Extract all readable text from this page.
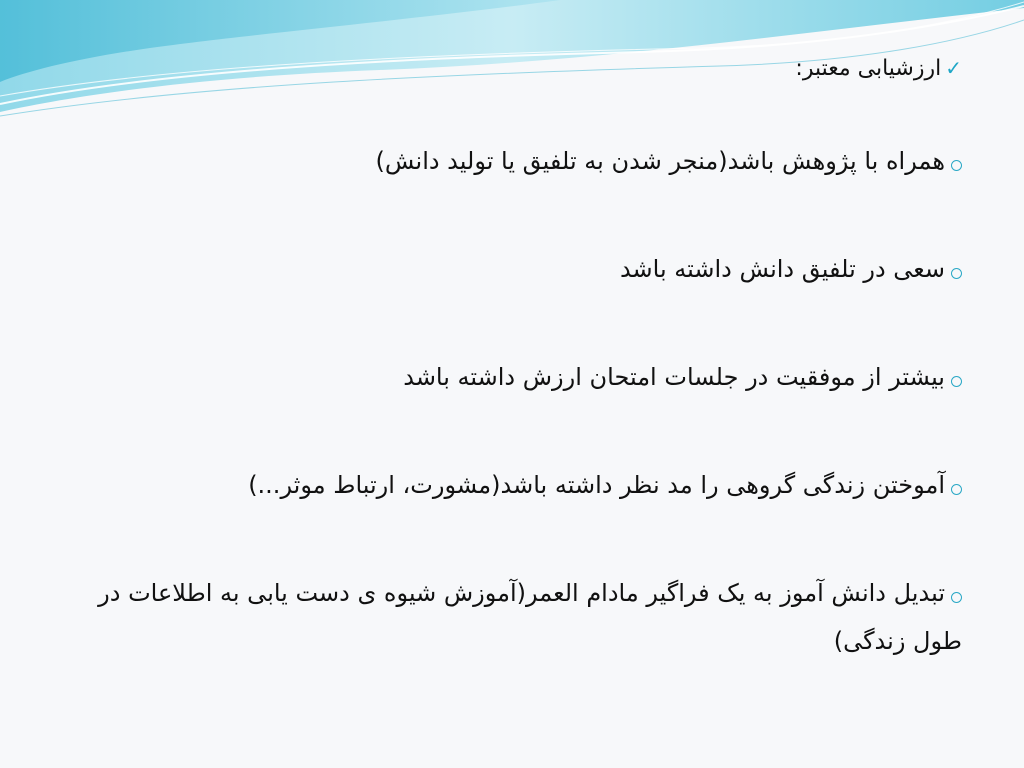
✓ارزشیابی معتبر:
همراه با پژوهش باشد(منجر شدن به تلفیق یا تولید دانش)
سعی در تلفیق دانش داشته باشد
بیشتر از موفقیت در جلسات امتحان ارزش داشته باشد
آموختن زندگی گروهی را مد نظر داشته باشد(مشورت، ارتباط موثر...)
تبدیل دانش آموز به یک فراگیر مادام العمر(آموزش شیوه ی دست یابی به اطلاعات در طول زندگی)
